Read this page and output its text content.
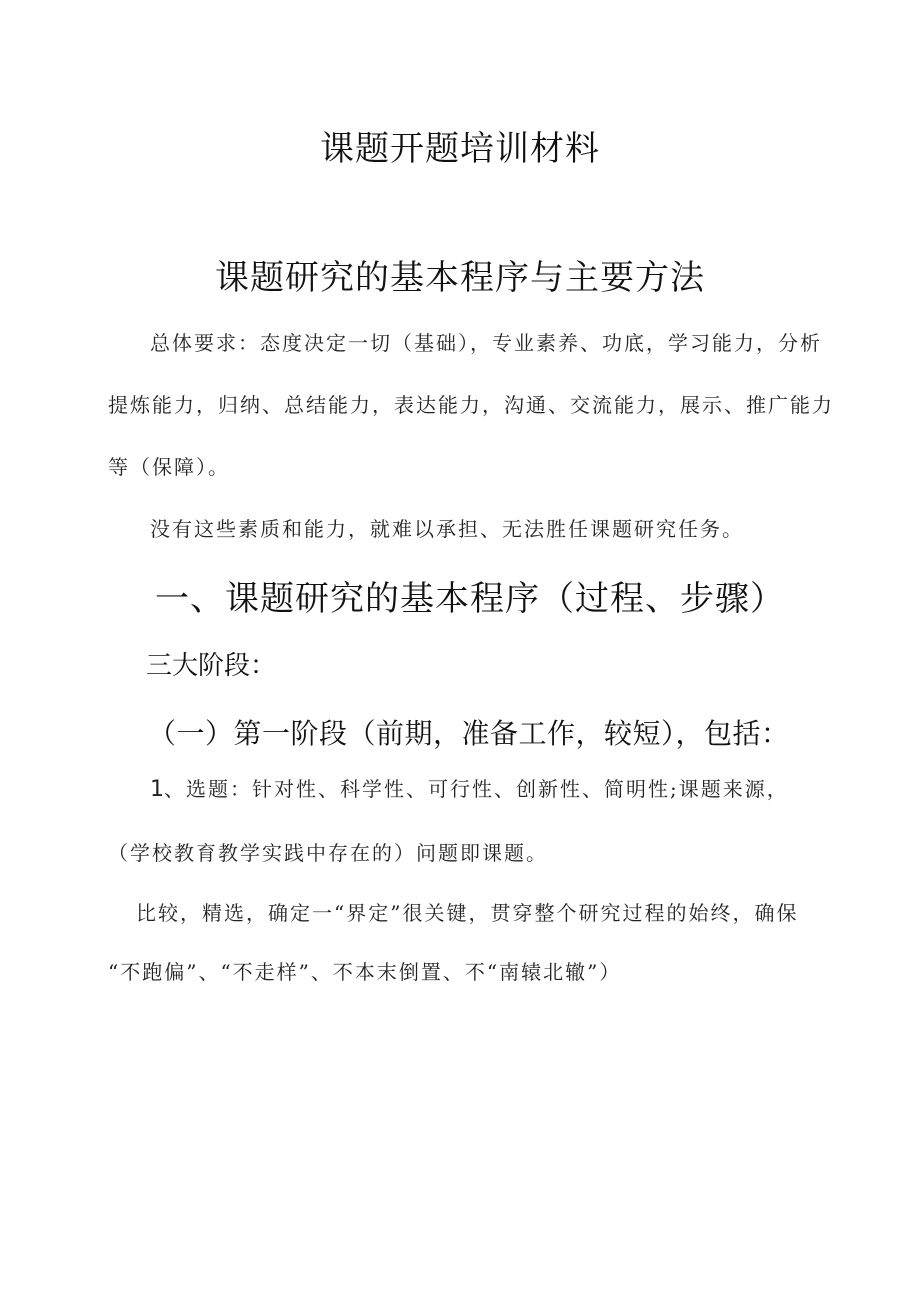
课题开题培训材料
课题研究的基本程序与主要方法

总体要求：态度决定一切（基础），专业素养、功底，学习能力，分析

提炼能力，归纳、总结能力，表达能力，沟通、交流能力，展示、推广能力

等（保障）。

没有这些素质和能力，就难以承担、无法胜任课题研究任务。

一、课题研究的基本程序（过程、步骤）

三大阶段：

（一）第一阶段（前期，准备工作，较短），包括：

1、选题：针对性、科学性、可行性、创新性、简明性;课题来源，

（学校教育教学实践中存在的）问题即课题。

比较，精选，确定一“界定”很关键，贯穿整个研究过程的始终，确保

“不跑偏”、“不走样”、不本末倒置、不“南辕北辙”）
